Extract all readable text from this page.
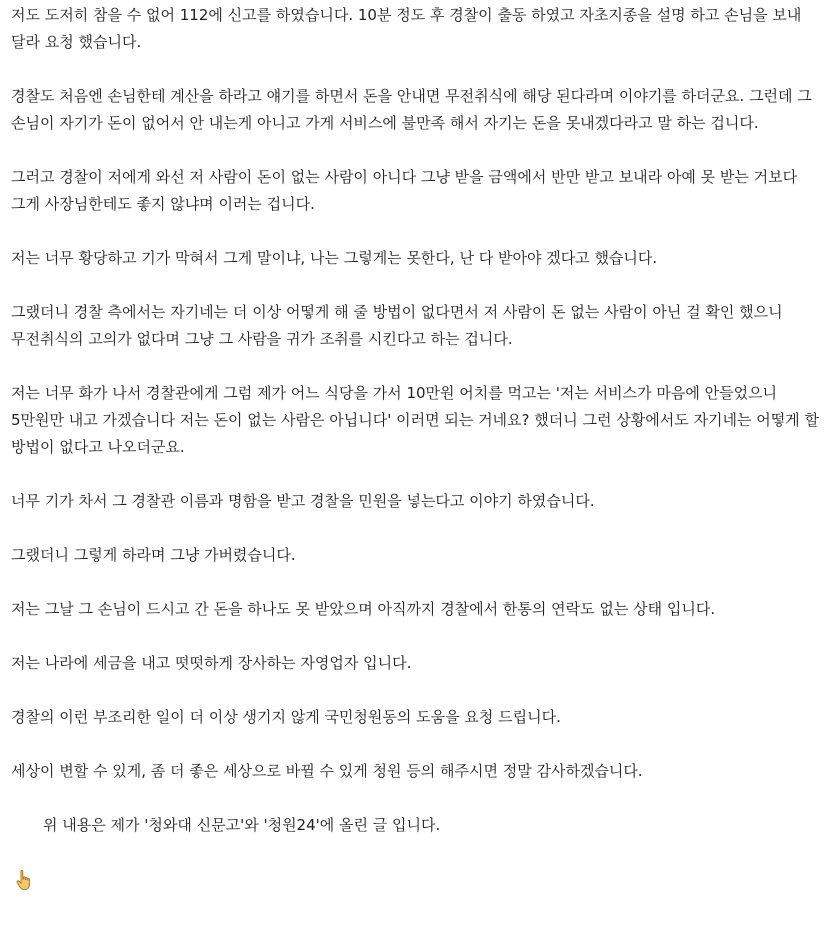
저도 도저히 참을 수 없어 112에 신고를 하였습니다. 10분 정도 후 경찰이 출동 하였고 자초지종을 설명 하고 손님을 보내 달라 요청 했습니다.

경찰도 처음엔 손님한테 계산을 하라고 얘기를 하면서 돈을 안내면 무전취식에 해당 된다라며 이야기를 하더군요. 그런데 그 손님이 자기가 돈이 없어서 안 내는게 아니고 가게 서비스에 불만족 해서 자기는 돈을 못내겠다라고 말 하는 겁니다.

그러고 경찰이 저에게 와선 저 사람이 돈이 없는 사람이 아니다 그냥 받을 금액에서 반만 받고 보내라 아예 못 받는 거보다 그게 사장님한테도 좋지 않냐며 이러는 겁니다.

저는 너무 황당하고 기가 막혀서 그게 말이냐, 나는 그렇게는 못한다, 난 다 받아야 겠다고 했습니다.

그랬더니 경찰 측에서는 자기네는 더 이상 어떻게 해 줄 방법이 없다면서 저 사람이 돈 없는 사람이 아닌 걸 확인 했으니 무전취식의 고의가 없다며 그냥 그 사람을 귀가 조취를 시킨다고 하는 겁니다.

저는 너무 화가 나서 경찰관에게 그럼 제가 어느 식당을 가서 10만원 어치를 먹고는 '저는 서비스가 마음에 안들었으니 5만원만 내고 가겠습니다 저는 돈이 없는 사람은 아닙니다' 이러면 되는 거네요? 했더니 그런 상황에서도 자기네는 어떻게 할 방법이 없다고 나오더군요.

너무 기가 차서 그 경찰관 이름과 명함을 받고 경찰을 민원을 넣는다고 이야기 하였습니다.

그랬더니 그렇게 하라며 그냥 가버렸습니다.

저는 그날 그 손님이 드시고 간 돈을 하나도 못 받았으며 아직까지 경찰에서 한통의 연락도 없는 상태 입니다.

저는 나라에 세금을 내고 떳떳하게 장사하는 자영업자 입니다.

경찰의 이런 부조리한 일이 더 이상 생기지 않게 국민청원동의 도움을 요청 드립니다.

세상이 변할 수 있게, 좀 더 좋은 세상으로 바뀔 수 있게 청원 등의 해주시면 정말 감사하겠습니다.

위 내용은 제가 '청와대 신문고'와 '청원24'에 올린 글 입니다.
